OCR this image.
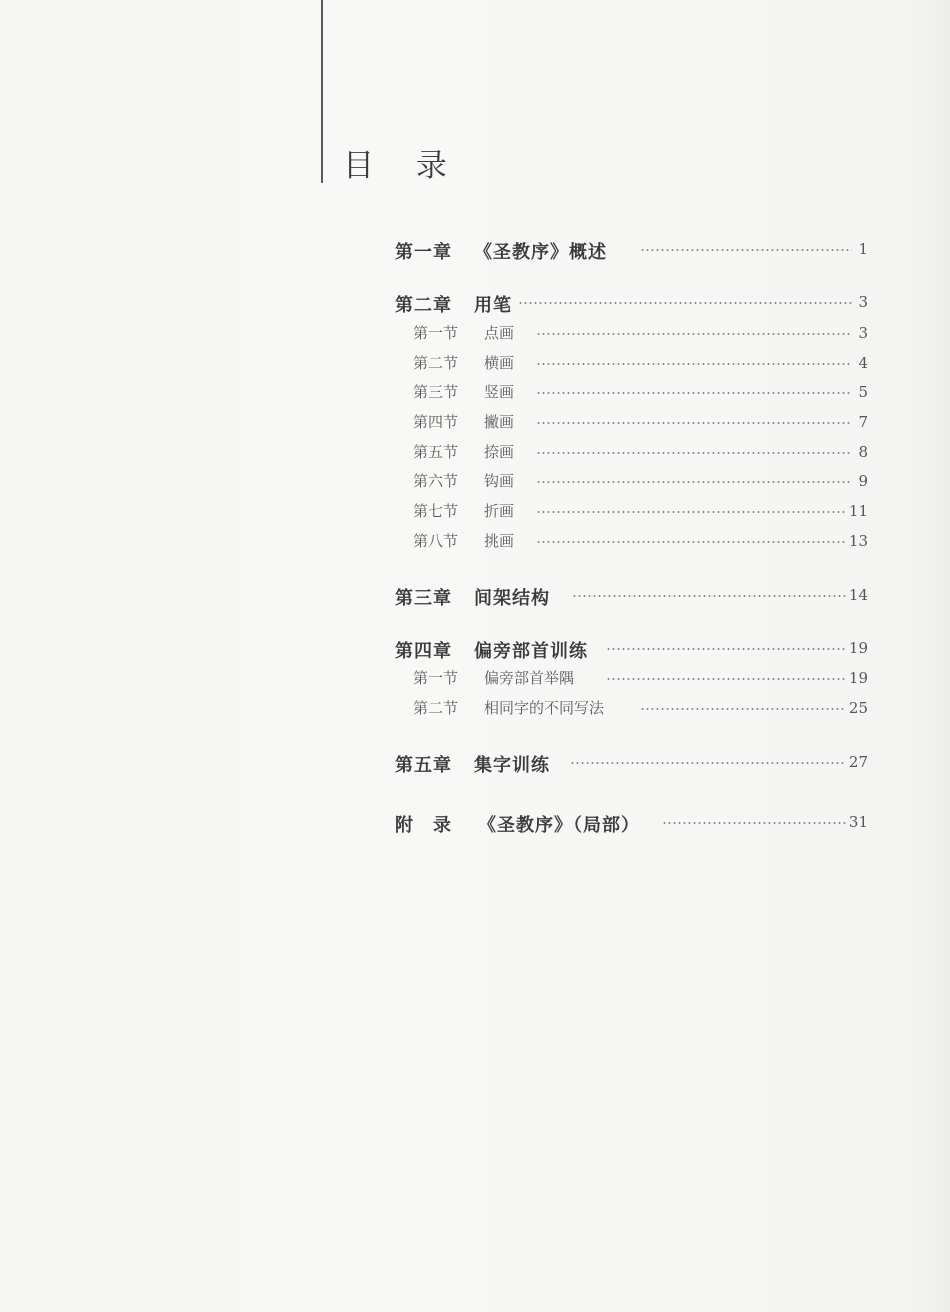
目 录
第一章 《圣教序》概述	1
第二章 用笔	3
第一节 点画	3
第二节 横画	4
第三节 竖画	5
第四节 撇画	7
第五节 捺画	8
第六节 钩画	9
第七节 折画	11
第八节 挑画	13
第三章 间架结构	14
第四章 偏旁部首训练	19
第一节 偏旁部首举隅	19
第二节 相同字的不同写法	25
第五章 集字训练	27
附　录 《圣教序》（局部）	31
